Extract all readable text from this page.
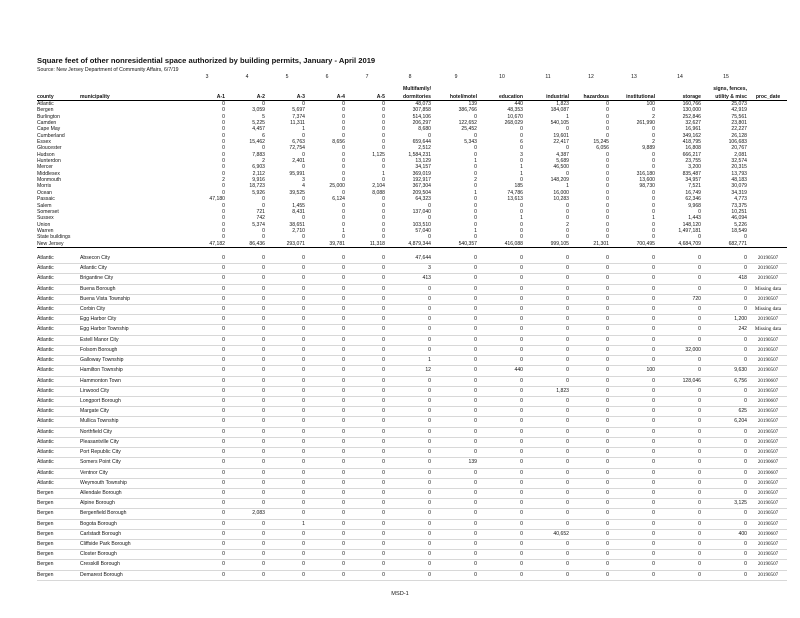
Square feet of other nonresidential space authorized by building permits, January - April 2019
Source: New Jersey Department of Community Affairs, 6/7/19
		3	4	5	6	7	8	9	10	11	12	13	14	15	
							Multifamily/							signs, fences,	
county	municipality	A-1	A-2	A-3	A-4	A-5	dormitories	hotel/motel	education	industrial	hazardous	institutional	storage	utility & misc	proc_date
Atlantic		0	0	0	0	0	48,073	139	440	1,823	0	100	160,766	25,073	
Bergen		0	3,059	5,697	0	0	307,858	386,766	48,353	184,087	0	0	130,000	42,919	
Burlington		0	5	7,374	0	0	514,106	0	10,670	1	0	2	252,846	75,561	
Camden		0	5,225	11,311	0	0	206,297	122,652	268,029	540,105	0	261,990	32,627	23,801	
Cape May		0	4,457	1	0	0	8,680	25,452	0	0	0	0	16,961	22,227	
Cumberland		0	6	0	0	0	0	0	0	19,601	0	0	349,162	26,128	
Essex		0	15,462	6,763	8,656	0	659,644	5,343	6	22,417	15,245	2	418,795	106,683	
Gloucester		0	0	72,754	0	0	2,512	0	0	0	6,056	9,889	16,808	20,767	
Hudson		0	7,883	0	0	1,125	1,584,231	0	3	4,387	0	0	666,217	2,081	
Hunterdon		0	2	2,401	0	0	13,129	1	0	5,689	0	0	23,755	32,574	
Mercer		0	6,903	0	0	0	34,157	0	1	46,500	0	0	3,200	20,315	
Middlesex		0	2,112	95,991	0	1	369,019	0	1	0	0	316,180	835,487	13,793	
Monmouth		2	9,916	3	0	0	192,917	2	0	148,209	0	13,600	34,957	48,183	
Morris		0	18,723	4	25,000	2,104	367,304	0	185	1	0	98,730	7,521	30,079	
Ocean		0	5,926	39,525	0	8,088	209,504	1	74,786	16,000	0	0	16,749	34,319	
Passaic		47,180	0	0	6,124	0	64,323	0	13,613	10,283	0	0	62,346	4,773	
Salem		0	0	1,455	0	0	0	0	0	0	0	0	9,968	73,375	
Somerset		0	721	8,431	0	0	137,040	0	0	0	0	0	0	10,251	
Sussex		0	742	0	0	0	0	0	1	0	0	1	1,443	46,094	
Union		0	5,374	38,651	0	0	103,510	0	0	2	0	0	148,120	5,226	
Warren		0	0	2,710	1	0	57,040	1	0	0	0	0	1,497,181	18,549	
State buildings		0	0	0	0	0	0	0	0	0	0	0	0	0	
New Jersey		47,182	86,436	293,071	39,781	11,318	4,879,344	540,357	416,088	999,105	21,301	700,495	4,684,709	682,771	

Atlantic	Absecon City	0	0	0	0	0	47,644	0	0	0	0	0	0	0	20190507
Atlantic	Atlantic City	0	0	0	0	0	3	0	0	0	0	0	0	0	20190507
Atlantic	Brigantine City	0	0	0	0	0	413	0	0	0	0	0	0	418	20190507
Atlantic	Buena Borough	0	0	0	0	0	0	0	0	0	0	0	0	0	Missing data
Atlantic	Buena Vista Township	0	0	0	0	0	0	0	0	0	0	0	720	0	20190507
Atlantic	Corbin City	0	0	0	0	0	0	0	0	0	0	0	0	0	Missing data
Atlantic	Egg Harbor City	0	0	0	0	0	0	0	0	0	0	0	0	1,200	20190507
Atlantic	Egg Harbor Township	0	0	0	0	0	0	0	0	0	0	0	0	242	Missing data
Atlantic	Estell Manor City	0	0	0	0	0	0	0	0	0	0	0	0	0	20190507
Atlantic	Folsom Borough	0	0	0	0	0	0	0	0	0	0	0	32,000	0	20190507
Atlantic	Galloway Township	0	0	0	0	0	1	0	0	0	0	0	0	0	20190507
Atlantic	Hamilton Township	0	0	0	0	0	12	0	440	0	0	100	0	9,630	20190507
Atlantic	Hammonton Town	0	0	0	0	0	0	0	0	0	0	0	128,046	6,756	20190607
Atlantic	Linwood City	0	0	0	0	0	0	0	0	1,823	0	0	0	0	20190507
Atlantic	Longport Borough	0	0	0	0	0	0	0	0	0	0	0	0	0	20190607
Atlantic	Margate City	0	0	0	0	0	0	0	0	0	0	0	0	625	20190507
Atlantic	Mullica Township	0	0	0	0	0	0	0	0	0	0	0	0	6,204	20190507
Atlantic	Northfield City	0	0	0	0	0	0	0	0	0	0	0	0	0	20190507
Atlantic	Pleasantville City	0	0	0	0	0	0	0	0	0	0	0	0	0	20190507
Atlantic	Port Republic City	0	0	0	0	0	0	0	0	0	0	0	0	0	20190507
Atlantic	Somers Point City	0	0	0	0	0	0	139	0	0	0	0	0	0	20190607
Atlantic	Ventnor City	0	0	0	0	0	0	0	0	0	0	0	0	0	20190607
Atlantic	Weymouth Township	0	0	0	0	0	0	0	0	0	0	0	0	0	20190507
Bergen	Allendale Borough	0	0	0	0	0	0	0	0	0	0	0	0	0	20190507
Bergen	Alpine Borough	0	0	0	0	0	0	0	0	0	0	0	0	3,125	20190507
Bergen	Bergenfield Borough	0	2,083	0	0	0	0	0	0	0	0	0	0	0	20190507
Bergen	Bogota Borough	0	0	1	0	0	0	0	0	0	0	0	0	0	20190507
Bergen	Carlstadt Borough	0	0	0	0	0	0	0	0	40,652	0	0	0	400	20190607
Bergen	Cliffside Park Borough	0	0	0	0	0	0	0	0	0	0	0	0	0	20190507
Bergen	Closter Borough	0	0	0	0	0	0	0	0	0	0	0	0	0	20190507
Bergen	Cresskill Borough	0	0	0	0	0	0	0	0	0	0	0	0	0	20190507
Bergen	Demarest Borough	0	0	0	0	0	0	0	0	0	0	0	0	0	20190507
MSD-1
